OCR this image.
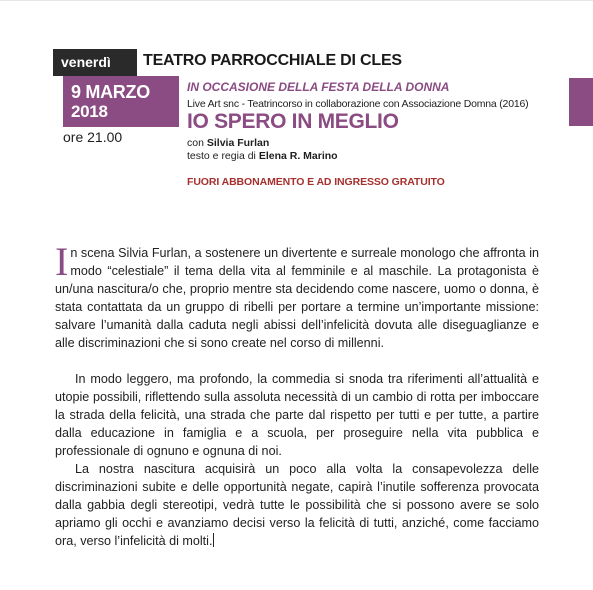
venerdì	TEATRO PARROCCHIALE DI CLES
9 MARZO
2018
ore 21.00
IN OCCASIONE DELLA FESTA DELLA DONNA
Live Art snc - Teatrincorso in collaborazione con Associazione Domna (2016)
IO SPERO IN MEGLIO
con Silvia Furlan
testo e regia di Elena R. Marino
FUORI ABBONAMENTO E AD INGRESSO GRATUITO

In scena Silvia Furlan, a sostenere un divertente e surreale monologo che affronta in modo “celestiale” il tema della vita al femminile e al maschile. La protagonista è un/una nascitura/o che, proprio mentre sta decidendo come nascere, uomo o donna, è stata contattata da un gruppo di ribelli per portare a termine un’importante missione: salvare l’umanità dalla caduta negli abissi dell’infelicità dovuta alle diseguaglianze e alle discriminazioni che si sono create nel corso di millenni.

In modo leggero, ma profondo, la commedia si snoda tra riferimenti all’attualità e utopie possibili, riflettendo sulla assoluta necessità di un cambio di rotta per imboccare la strada della felicità, una strada che parte dal rispetto per tutti e per tutte, a partire dalla educazione in famiglia e a scuola, per proseguire nella vita pubblica e professionale di ognuno e ognuna di noi.

La nostra nascitura acquisirà un poco alla volta la consapevolezza delle discriminazioni subite e delle opportunità negate, capirà l’inutile sofferenza provocata dalla gabbia degli stereotipi, vedrà tutte le possibilità che si possono avere se solo apriamo gli occhi e avanziamo decisi verso la felicità di tutti, anziché, come facciamo ora, verso l’infelicità di molti.
